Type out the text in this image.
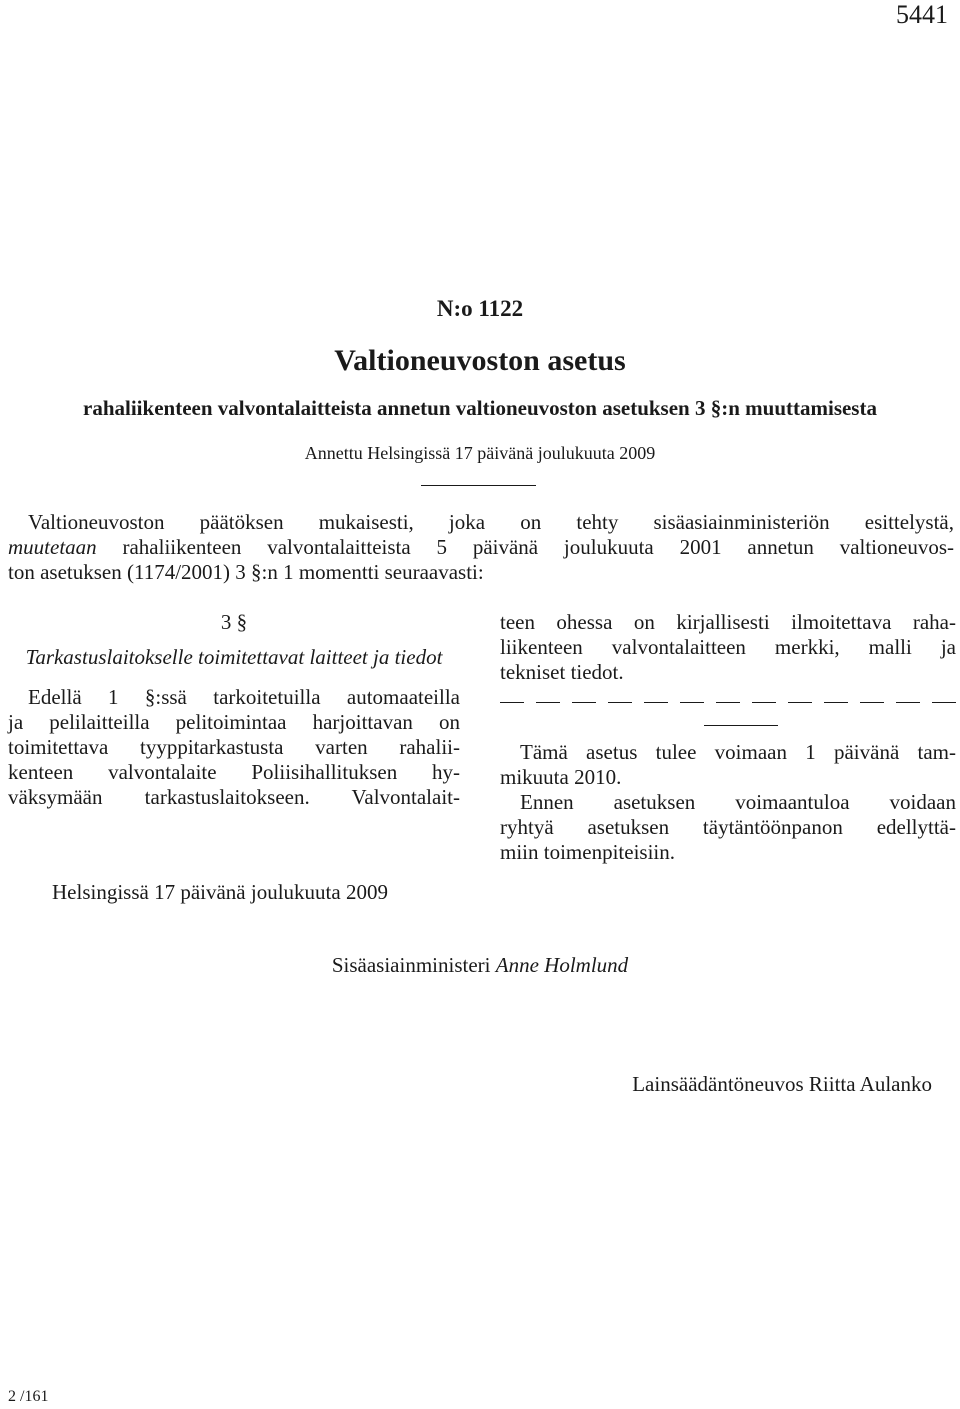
5441
N:o 1122
Valtioneuvoston asetus
rahaliikenteen valvontalaitteista annetun valtioneuvoston asetuksen 3 §:n muuttamisesta
Annettu Helsingissä 17 päivänä joulukuuta 2009
Valtioneuvoston päätöksen mukaisesti, joka on tehty sisäasiainministeriön esittelystä,
muutetaan rahaliikenteen valvontalaitteista 5 päivänä joulukuuta 2001 annetun valtioneuvos-
ton asetuksen (1174/2001) 3 §:n 1 momentti seuraavasti:
3 §
Tarkastuslaitokselle toimitettavat laitteet ja tiedot
Edellä 1 §:ssä tarkoitetuilla automaateilla
ja pelilaitteilla pelitoimintaa harjoittavan on
toimitettava tyyppitarkastusta varten rahalii-
kenteen valvontalaite Poliisihallituksen hy-
väksymään tarkastuslaitokseen. Valvontalait-
teen ohessa on kirjallisesti ilmoitettava raha-
liikenteen valvontalaitteen merkki, malli ja
tekniset tiedot.
Tämä asetus tulee voimaan 1 päivänä tam-
mikuuta 2010.
Ennen asetuksen voimaantuloa voidaan
ryhtyä asetuksen täytäntöönpanon edellyttä-
miin toimenpiteisiin.
Helsingissä 17 päivänä joulukuuta 2009
Sisäasiainministeri Anne Holmlund
Lainsäädäntöneuvos Riitta Aulanko
2 /161
